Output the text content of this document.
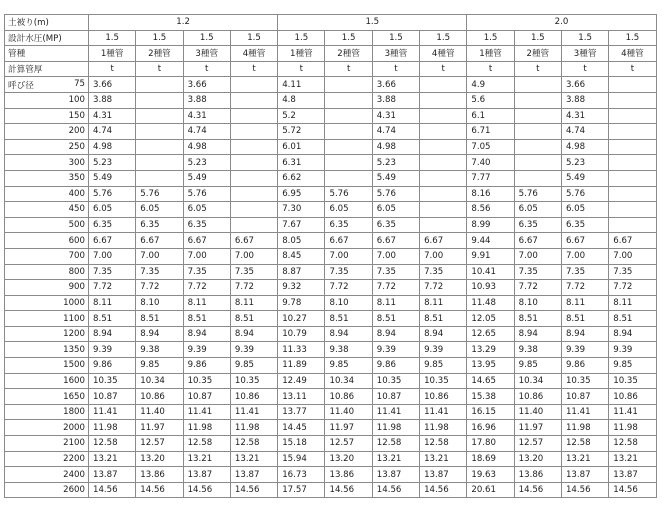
土被り(m)	1.2				1.5				2.0			
設計水圧(MP)	1.5	1.5	1.5	1.5	1.5	1.5	1.5	1.5	1.5	1.5	1.5	1.5
管種	1種管	2種管	3種管	4種管	1種管	2種管	3種管	4種管	1種管	2種管	3種管	4種管
計算管厚	t	t	t	t	t	t	t	t	t	t	t	t
呼び径 75	3.66		3.66		4.11		3.66		4.9		3.66	
100	3.88		3.88		4.8		3.88		5.6		3.88	
150	4.31		4.31		5.2		4.31		6.1		4.31	
200	4.74		4.74		5.72		4.74		6.71		4.74	
250	4.98		4.98		6.01		4.98		7.05		4.98	
300	5.23		5.23		6.31		5.23		7.40		5.23	
350	5.49		5.49		6.62		5.49		7.77		5.49	
400	5.76	5.76	5.76		6.95	5.76	5.76		8.16	5.76	5.76	
450	6.05	6.05	6.05		7.30	6.05	6.05		8.56	6.05	6.05	
500	6.35	6.35	6.35		7.67	6.35	6.35		8.99	6.35	6.35	
600	6.67	6.67	6.67	6.67	8.05	6.67	6.67	6.67	9.44	6.67	6.67	6.67
700	7.00	7.00	7.00	7.00	8.45	7.00	7.00	7.00	9.91	7.00	7.00	7.00
800	7.35	7.35	7.35	7.35	8.87	7.35	7.35	7.35	10.41	7.35	7.35	7.35
900	7.72	7.72	7.72	7.72	9.32	7.72	7.72	7.72	10.93	7.72	7.72	7.72
1000	8.11	8.10	8.11	8.11	9.78	8.10	8.11	8.11	11.48	8.10	8.11	8.11
1100	8.51	8.51	8.51	8.51	10.27	8.51	8.51	8.51	12.05	8.51	8.51	8.51
1200	8.94	8.94	8.94	8.94	10.79	8.94	8.94	8.94	12.65	8.94	8.94	8.94
1350	9.39	9.38	9.39	9.39	11.33	9.38	9.39	9.39	13.29	9.38	9.39	9.39
1500	9.86	9.85	9.86	9.85	11.89	9.85	9.86	9.85	13.95	9.85	9.86	9.85
1600	10.35	10.34	10.35	10.35	12.49	10.34	10.35	10.35	14.65	10.34	10.35	10.35
1650	10.87	10.86	10.87	10.86	13.11	10.86	10.87	10.86	15.38	10.86	10.87	10.86
1800	11.41	11.40	11.41	11.41	13.77	11.40	11.41	11.41	16.15	11.40	11.41	11.41
2000	11.98	11.97	11.98	11.98	14.45	11.97	11.98	11.98	16.96	11.97	11.98	11.98
2100	12.58	12.57	12.58	12.58	15.18	12.57	12.58	12.58	17.80	12.57	12.58	12.58
2200	13.21	13.20	13.21	13.21	15.94	13.20	13.21	13.21	18.69	13.20	13.21	13.21
2400	13.87	13.86	13.87	13.87	16.73	13.86	13.87	13.87	19.63	13.86	13.87	13.87
2600	14.56	14.56	14.56	14.56	17.57	14.56	14.56	14.56	20.61	14.56	14.56	14.56
